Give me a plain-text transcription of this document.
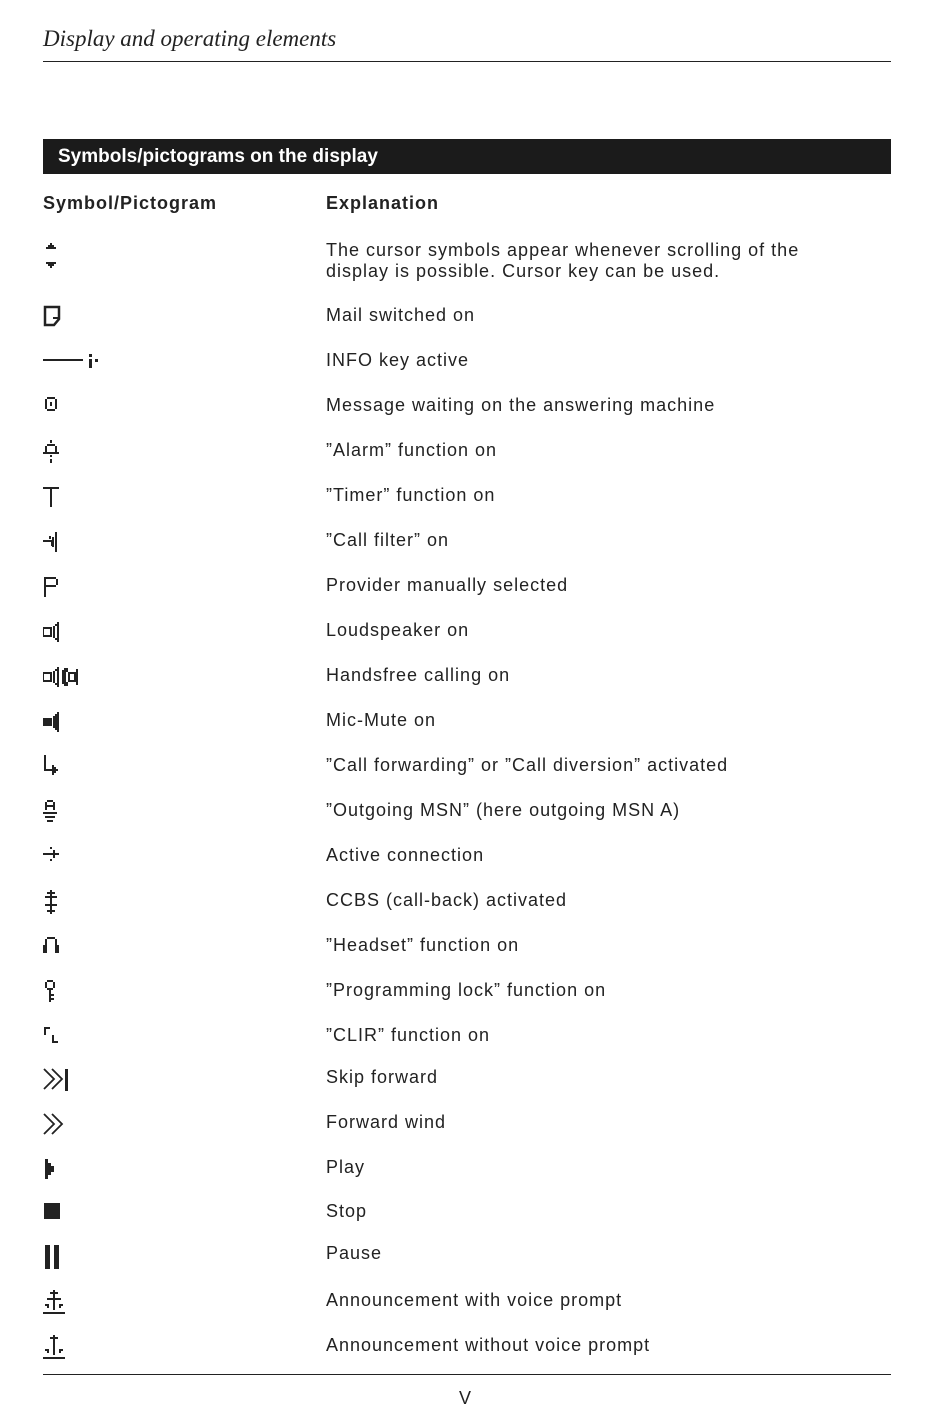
Display and operating elements
Symbols/pictograms on the display
Symbol/Pictogram	Explanation
The cursor symbols appear whenever scrolling of the display is possible. Cursor key can be used.
Mail switched on
INFO key active
Message waiting on the answering machine
”Alarm” function on
”Timer” function on
”Call filter” on
Provider manually selected
Loudspeaker on
Handsfree calling on
Mic-Mute on
”Call forwarding” or ”Call diversion” activated
”Outgoing MSN” (here outgoing MSN A)
Active connection
CCBS (call-back) activated
”Headset” function on
”Programming lock” function on
”CLIR” function on
Skip forward
Forward wind
Play
Stop
Pause
Announcement with voice prompt
Announcement without voice prompt
V
